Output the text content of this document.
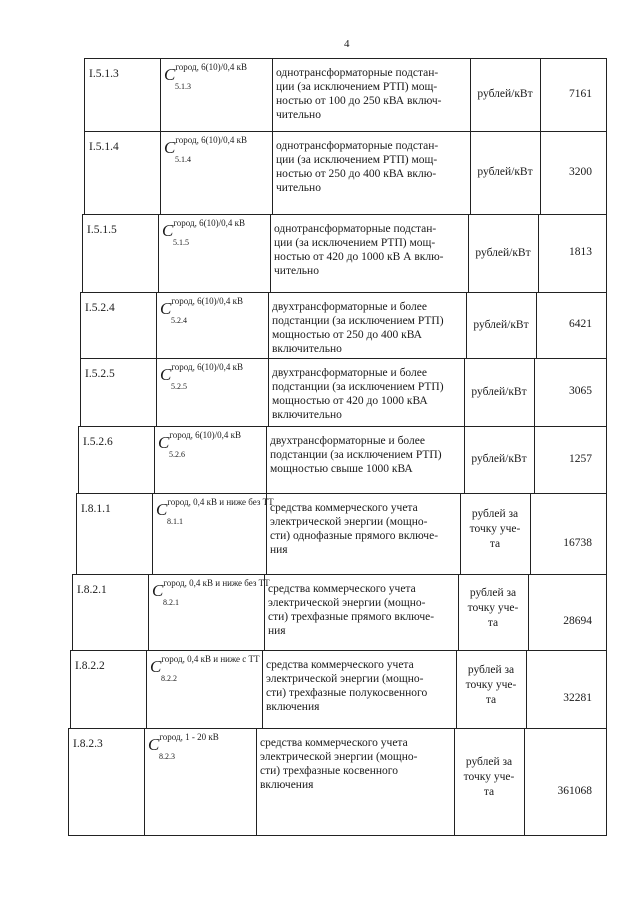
4
I.5.1.3	Cгород, 6(10)/0,4 кВ
5.1.3
однотрансформаторные подстан-
ции (за исключением РТП) мощ-
ностью от 100 до 250 кВА включ-
чительно
рублей/кВт	7161
I.5.1.4	Cгород, 6(10)/0,4 кВ
5.1.4
однотрансформаторные подстан-
ции (за исключением РТП) мощ-
ностью от 250 до 400 кВА вклю-
чительно
рублей/кВт	3200
I.5.1.5	Cгород, 6(10)/0,4 кВ
5.1.5
однотрансформаторные подстан-
ции (за исключением РТП) мощ-
ностью от 420 до 1000 кВ А вклю-
чительно
рублей/кВт	1813
I.5.2.4	Cгород, 6(10)/0,4 кВ
5.2.4
двухтрансформаторные и более
подстанции (за исключением РТП)
мощностью от 250 до 400 кВА
включительно
рублей/кВт	6421
I.5.2.5	Cгород, 6(10)/0,4 кВ
5.2.5
двухтрансформаторные и более
подстанции (за исключением РТП)
мощностью от 420 до 1000 кВА
включительно
рублей/кВт	3065
I.5.2.6	Cгород, 6(10)/0,4 кВ
5.2.6
двухтрансформаторные и более
подстанции (за исключением РТП)
мощностью свыше 1000 кВА
рублей/кВт	1257
I.8.1.1	Cгород, 0,4 кВ и ниже без ТТ
8.1.1
средства коммерческого учета
электрической энергии (мощно-
сти) однофазные прямого включе-
ния
рублей за
точку уче-
та	16738
I.8.2.1	Cгород, 0,4 кВ и ниже без ТТ
8.2.1
средства коммерческого учета
электрической энергии (мощно-
сти) трехфазные прямого включе-
ния
рублей за
точку уче-
та	28694
I.8.2.2	Cгород, 0,4 кВ и ниже с ТТ
8.2.2
средства коммерческого учета
электрической энергии (мощно-
сти) трехфазные полукосвенного
включения
рублей за
точку уче-
та	32281
I.8.2.3	Cгород, 1 - 20 кВ
8.2.3
средства коммерческого учета
электрической энергии (мощно-
сти) трехфазные косвенного
включения
рублей за
точку уче-
та	361068
